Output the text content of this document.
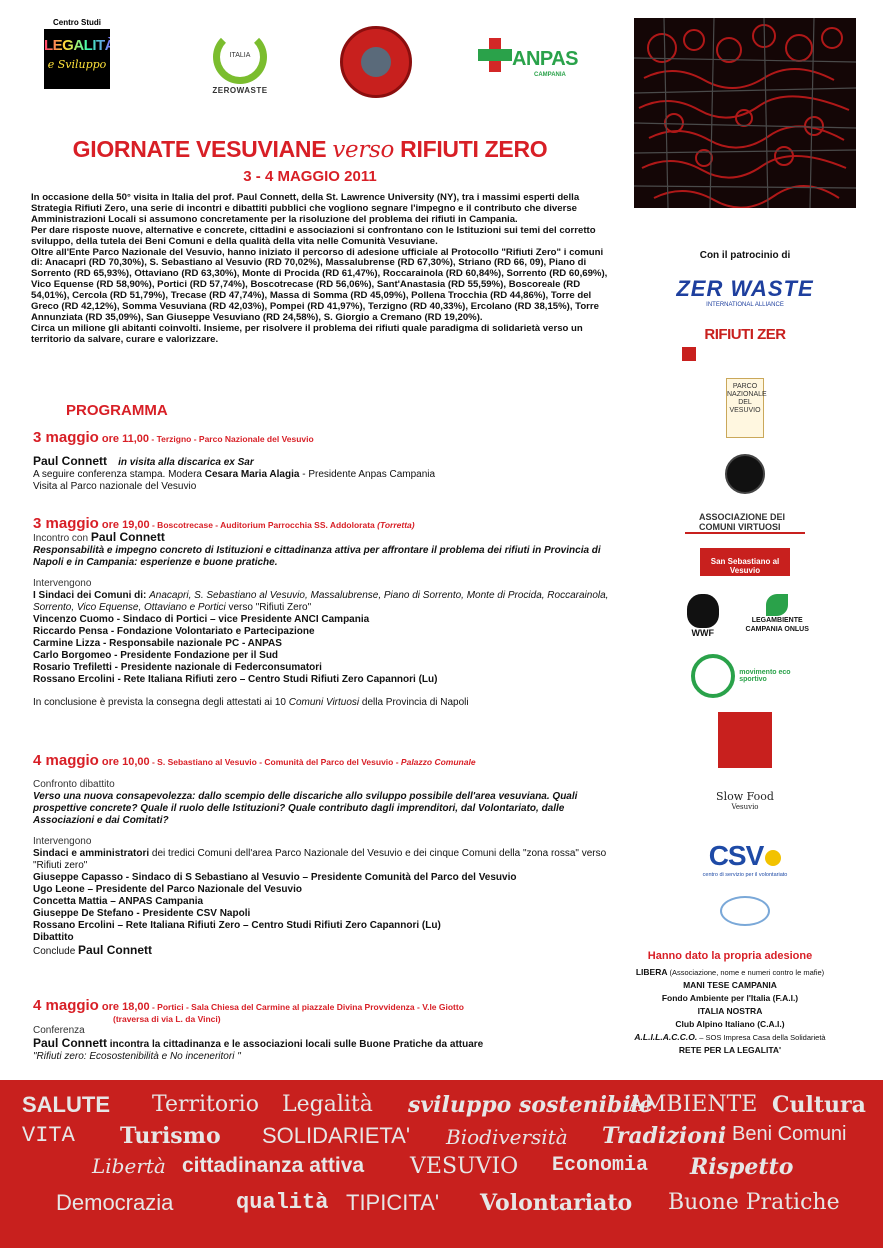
Centro Studi
LEGALITÀ
e Sviluppo
ITALIA
ZEROWASTE
ANPAS
CAMPANIA
GIORNATE VESUVIANE verso RIFIUTI ZERO
3 - 4 MAGGIO 2011

In occasione della 50° visita in Italia del prof. Paul Connett, della St. Lawrence University (NY), tra i massimi esperti della Strategia Rifiuti Zero, una serie di incontri e dibattiti pubblici che vogliono segnare l'impegno e il contributo che diverse Amministrazioni Locali si assumono concretamente per la risoluzione del problema dei rifiuti in Campania.

Per dare risposte nuove, alternative e concrete, cittadini e associazioni si confrontano con le Istituzioni sui temi del corretto sviluppo, della tutela dei Beni Comuni e della qualità della vita nelle Comunità Vesuviane.

Oltre all'Ente Parco Nazionale del Vesuvio, hanno iniziato il percorso di adesione ufficiale al Protocollo "Rifiuti Zero" i comuni di: Anacapri (RD 70,30%), S. Sebastiano al Vesuvio (RD 70,02%), Massalubrense (RD 67,30%), Striano (RD 66, 09), Piano di Sorrento (RD 65,93%), Ottaviano (RD 63,30%), Monte di Procida (RD 61,47%), Roccarainola (RD 60,84%), Sorrento (RD 60,69%), Vico Equense (RD 58,90%), Portici (RD 57,74%), Boscotrecase (RD 56,06%), Sant'Anastasia (RD 55,59%), Boscoreale (RD 54,01%), Cercola (RD 51,79%), Trecase (RD 47,74%), Massa di Somma (RD 45,09%), Pollena Trocchia (RD 44,86%), Torre del Greco (RD 42,12%), Somma Vesuviana (RD 42,03%), Pompei (RD 41,97%), Terzigno (RD 40,33%), Ercolano (RD 38,15%), Torre Annunziata (RD 35,09%), San Giuseppe Vesuviano (RD 24,58%), S. Giorgio a Cremano (RD 19,20%).

Circa un milione gli abitanti coinvolti. Insieme, per risolvere il problema dei rifiuti quale paradigma di solidarietà verso un territorio da salvare, curare e valorizzare.

PROGRAMMA
3 maggio ore 11,00 - Terzigno - Parco Nazionale del Vesuvio
Paul Connett in visita alla discarica ex Sar
A seguire conferenza stampa. Modera Cesara Maria Alagia - Presidente Anpas Campania
Visita al Parco nazionale del Vesuvio
3 maggio ore 19,00 - Boscotrecase - Auditorium Parrocchia SS. Addolorata (Torretta)
Incontro con Paul Connett
Responsabilità e impegno concreto di Istituzioni e cittadinanza attiva per affrontare il problema dei rifiuti in Provincia di Napoli e in Campania: esperienze e buone pratiche.
Intervengono
I Sindaci dei Comuni di: Anacapri, S. Sebastiano al Vesuvio, Massalubrense, Piano di Sorrento, Monte di Procida, Roccarainola, Sorrento, Vico Equense, Ottaviano e Portici verso "Rifiuti Zero"
Vincenzo Cuomo - Sindaco di Portici – vice Presidente ANCI Campania
Riccardo Pensa - Fondazione Volontariato e Partecipazione
Carmine Lizza - Responsabile nazionale PC - ANPAS
Carlo Borgomeo - Presidente Fondazione per il Sud
Rosario Trefiletti - Presidente nazionale di Federconsumatori
Rossano Ercolini - Rete Italiana Rifiuti zero – Centro Studi Rifiuti Zero Capannori (Lu)
In conclusione è prevista la consegna degli attestati ai 10 Comuni Virtuosi della Provincia di Napoli
4 maggio ore 10,00 - S. Sebastiano al Vesuvio - Comunità del Parco del Vesuvio - Palazzo Comunale
Confronto dibattito
Verso una nuova consapevolezza: dallo scempio delle discariche allo sviluppo possibile dell'area vesuviana. Quali prospettive concrete? Quale il ruolo delle Istituzioni? Quale contributo dagli imprenditori, dal Volontariato, dalle Associazioni e dai Comitati?
Intervengono
Sindaci e amministratori dei tredici Comuni dell'area Parco Nazionale del Vesuvio e dei cinque Comuni della "zona rossa" verso "Rifiuti zero"
Giuseppe Capasso - Sindaco di S Sebastiano al Vesuvio – Presidente Comunità del Parco del Vesuvio
Ugo Leone – Presidente del Parco Nazionale del Vesuvio
Concetta Mattia – ANPAS Campania
Giuseppe De Stefano - Presidente CSV Napoli
Rossano Ercolini – Rete Italiana Rifiuti Zero – Centro Studi Rifiuti Zero Capannori (Lu)
Dibattito
Conclude Paul Connett
4 maggio ore 18,00 - Portici - Sala Chiesa del Carmine al piazzale Divina Provvidenza - V.le Giotto
(traversa di via L. da Vinci)
Conferenza
Paul Connett incontra la cittadinanza e le associazioni locali sulle Buone Pratiche da attuare
"Rifiuti zero: Ecosostenibilità e No inceneritori "
Con il patrocinio di
ZER WASTE
INTERNATIONAL ALLIANCE
RIFIUTI ZER
PARCO NAZIONALE DEL VESUVIO
ASSOCIAZIONE DEI COMUNI VIRTUOSI
San Sebastiano al Vesuvio
WWF

LEGAMBIENTE CAMPANIA ONLUS
movimento eco sportivo
Slow Food
Vesuvio
CSV
centro di servizio per il volontariato
Hanno dato la propria adesione
LIBERA (Associazione, nome e numeri contro le mafie)
MANI TESE CAMPANIA
Fondo Ambiente per l'Italia (F.A.I.)
ITALIA NOSTRA
Club Alpino Italiano (C.A.I.)
A.L.I.L.A.C.C.O. – SOS Impresa Casa della Solidarietà
RETE PER LA LEGALITA'
SALUTE Territorio Legalità sviluppo sostenibile
AMBIENTE Cultura
VITA Turismo SOLIDARIETA' Biodiversità Tradizioni Beni Comuni
Libertà cittadinanza attiva VESUVIO Economia Rispetto
Democrazia	qualità TIPICITA' Volontariato Buone Pratiche
